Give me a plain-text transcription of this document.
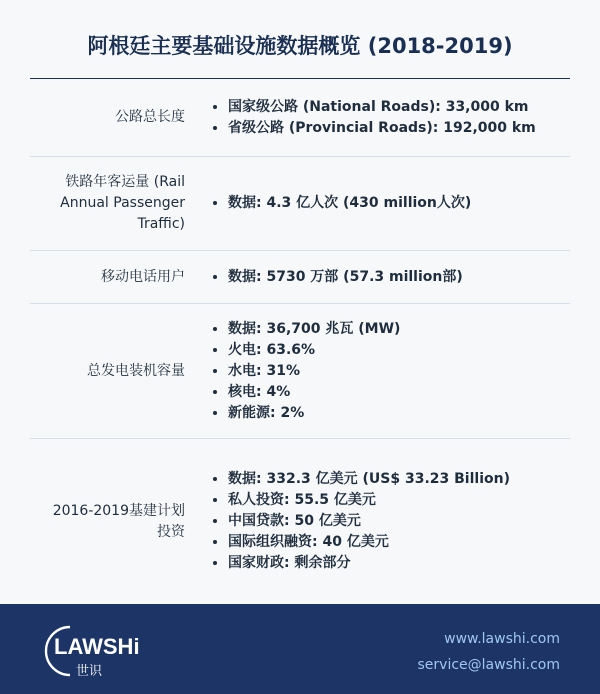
阿根廷主要基础设施数据概览 (2018-2019)
公路总长度
• 国家级公路 (National Roads): 33,000 km
• 省级公路 (Provincial Roads): 192,000 km
铁路年客运量 (Rail
Annual Passenger
Traffic)
• 数据: 4.3 亿人次 (430 million人次)
移动电话用户
•	数据: 5730 万部 (57.3 million部)
总发电装机容量
• 数据: 36,700 兆瓦 (MW)
• 火电: 63.6%
• 水电: 31%
• 核电: 4%
• 新能源: 2%
2016-2019基建计划
投资
• 数据: 332.3 亿美元 (US$ 33.23 Billion)
• 私人投资: 55.5 亿美元
• 中国贷款: 50 亿美元
• 国际组织融资: 40 亿美元
• 国家财政: 剩余部分
LAWSHi
世识
www.lawshi.com
service@lawshi.com
